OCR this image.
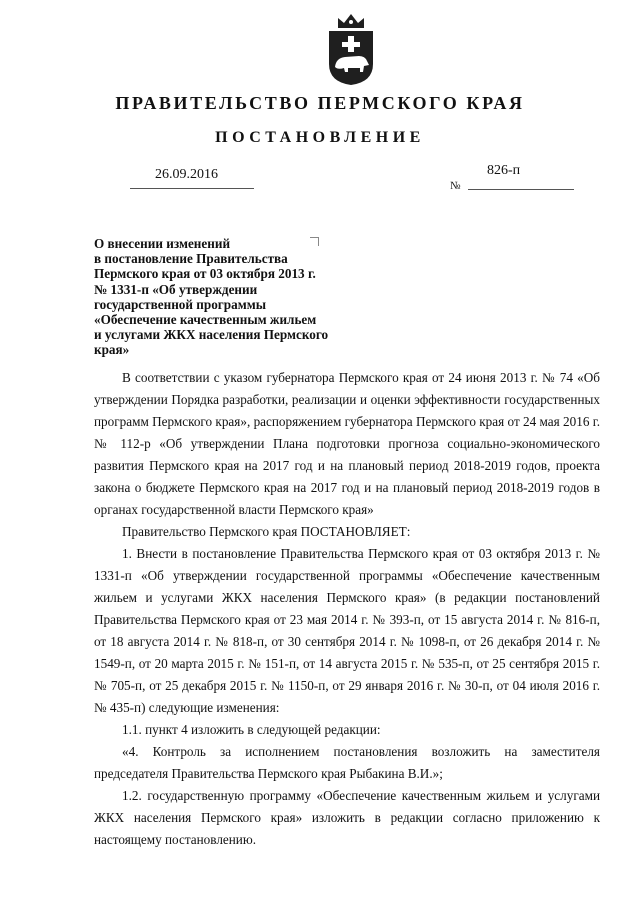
ПРАВИТЕЛЬСТВО ПЕРМСКОГО КРАЯ
ПОСТАНОВЛЕНИЕ
26.09.2016
№
826-п
О внесении изменений
в постановление Правительства
Пермского края от 03 октября 2013 г.
№ 1331-п «Об утверждении
государственной программы
«Обеспечение качественным жильем
и услугами ЖКХ населения Пермского
края»

В соответствии с указом губернатора Пермского края от 24 июня 2013 г. № 74 «Об утверждении Порядка разработки, реализации и оценки эффективности государственных программ Пермского края», распоряжением губернатора Пермского края от 24 мая 2016 г. № 112-р «Об утверждении Плана подготовки прогноза социально-экономического развития Пермского края на 2017 год и на плановый период 2018-2019 годов, проекта закона о бюджете Пермского края на 2017 год и на плановый период 2018-2019 годов в органах государственной власти Пермского края»

Правительство Пермского края ПОСТАНОВЛЯЕТ:

1. Внести в постановление Правительства Пермского края от 03 октября 2013 г. № 1331-п «Об утверждении государственной программы «Обеспечение качественным жильем и услугами ЖКХ населения Пермского края» (в редакции постановлений Правительства Пермского края от 23 мая 2014 г. № 393-п, от 15 августа 2014 г. № 816-п, от 18 августа 2014 г. № 818-п, от 30 сентября 2014 г. № 1098-п, от 26 декабря 2014 г. № 1549-п, от 20 марта 2015 г. № 151-п, от 14 августа 2015 г. № 535-п, от 25 сентября 2015 г. № 705-п, от 25 декабря 2015 г. № 1150-п, от 29 января 2016 г. № 30-п, от 04 июля 2016 г. № 435-п) следующие изменения:

1.1. пункт 4 изложить в следующей редакции:

«4. Контроль за исполнением постановления возложить на заместителя председателя Правительства Пермского края Рыбакина В.И.»;

1.2. государственную программу «Обеспечение качественным жильем и услугами ЖКХ населения Пермского края» изложить в редакции согласно приложению к настоящему постановлению.
